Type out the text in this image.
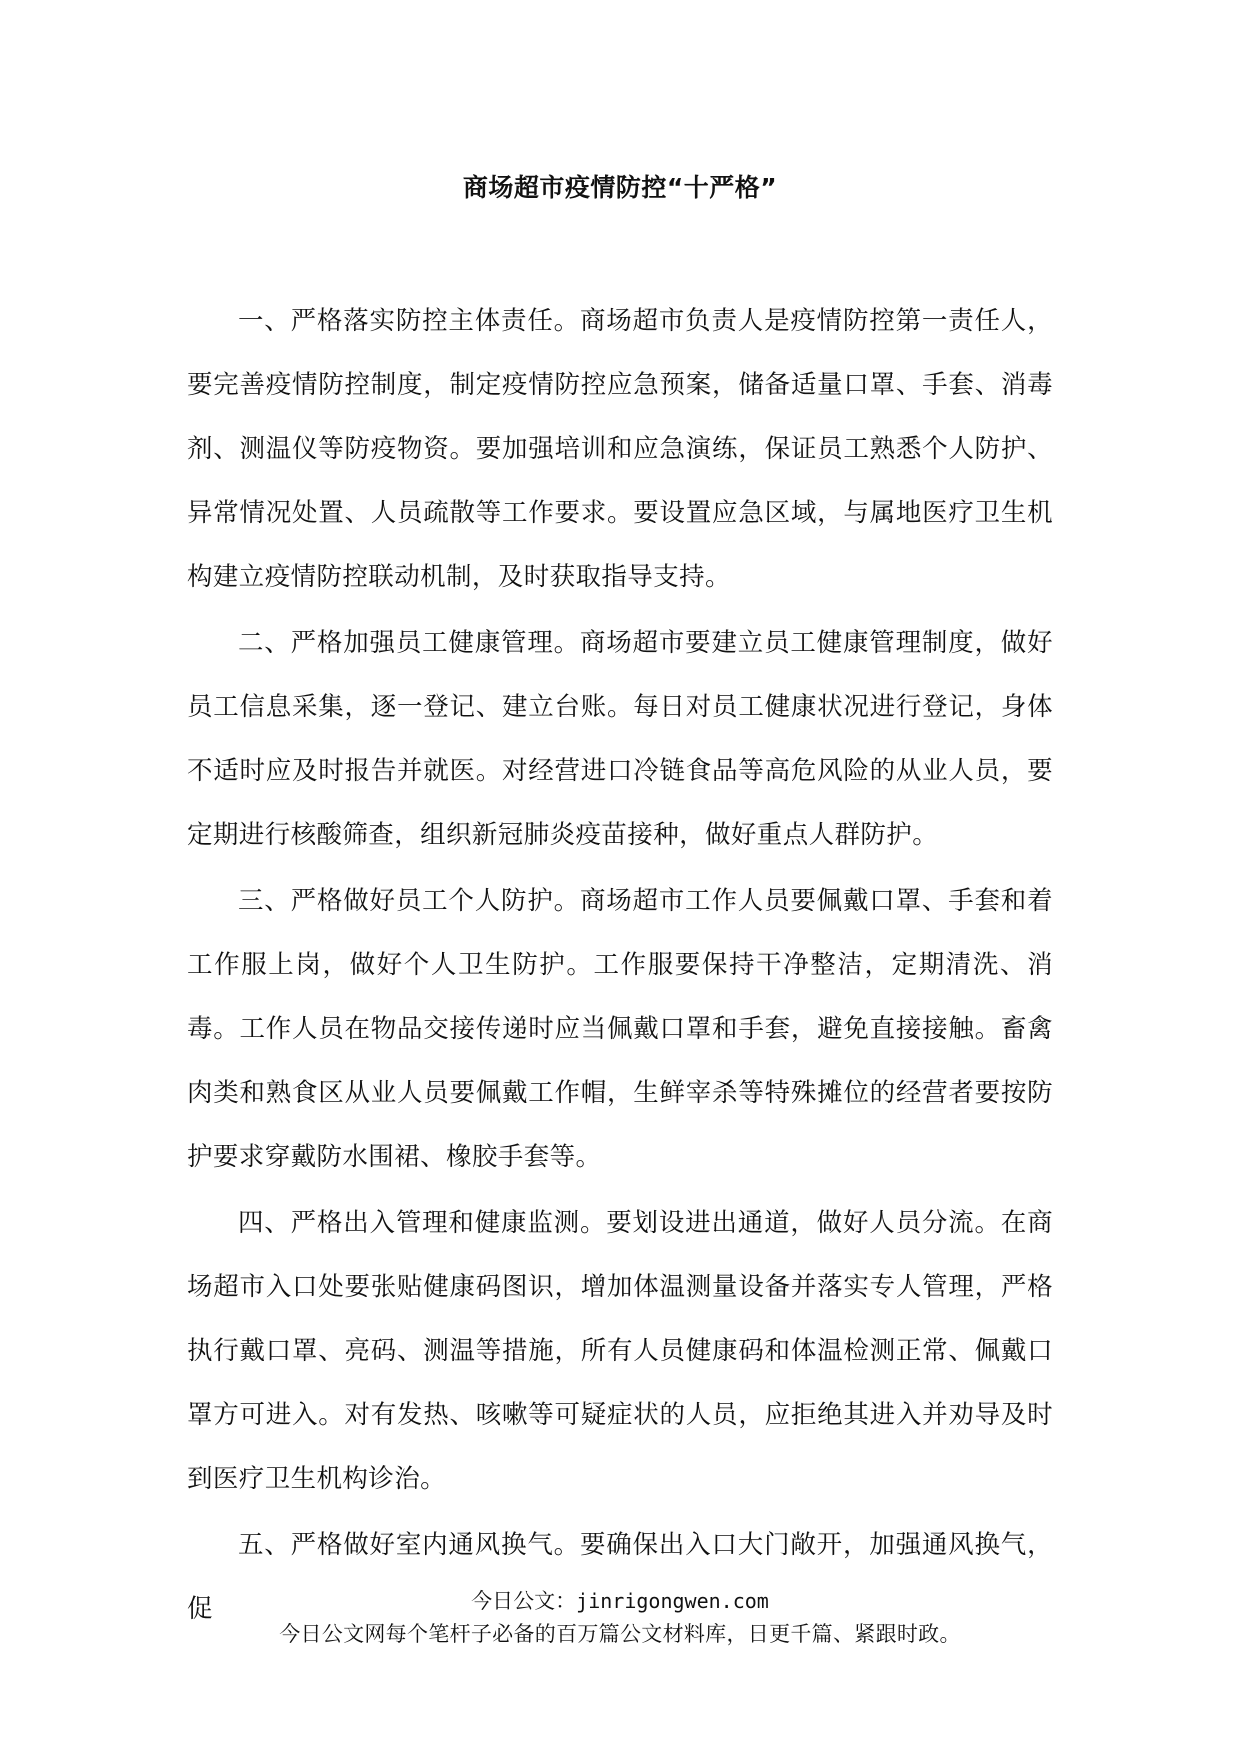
商场超市疫情防控“十严格”

一、严格落实防控主体责任。商场超市负责人是疫情防控第一责任人，要完善疫情防控制度，制定疫情防控应急预案，储备适量口罩、手套、消毒剂、测温仪等防疫物资。要加强培训和应急演练，保证员工熟悉个人防护、异常情况处置、人员疏散等工作要求。要设置应急区域，与属地医疗卫生机构建立疫情防控联动机制，及时获取指导支持。

二、严格加强员工健康管理。商场超市要建立员工健康管理制度，做好员工信息采集，逐一登记、建立台账。每日对员工健康状况进行登记，身体不适时应及时报告并就医。对经营进口冷链食品等高危风险的从业人员，要定期进行核酸筛查，组织新冠肺炎疫苗接种，做好重点人群防护。

三、严格做好员工个人防护。商场超市工作人员要佩戴口罩、手套和着工作服上岗，做好个人卫生防护。工作服要保持干净整洁，定期清洗、消毒。工作人员在物品交接传递时应当佩戴口罩和手套，避免直接接触。畜禽肉类和熟食区从业人员要佩戴工作帽，生鲜宰杀等特殊摊位的经营者要按防护要求穿戴防水围裙、橡胶手套等。

四、严格出入管理和健康监测。要划设进出通道，做好人员分流。在商场超市入口处要张贴健康码图识，增加体温测量设备并落实专人管理，严格执行戴口罩、亮码、测温等措施，所有人员健康码和体温检测正常、佩戴口罩方可进入。对有发热、咳嗽等可疑症状的人员，应拒绝其进入并劝导及时到医疗卫生机构诊治。

五、严格做好室内通风换气。要确保出入口大门敞开，加强通风换气，促	今日公文：jinrigongwen.com
今日公文网每个笔杆子必备的百万篇公文材料库，日更千篇、紧跟时政。
